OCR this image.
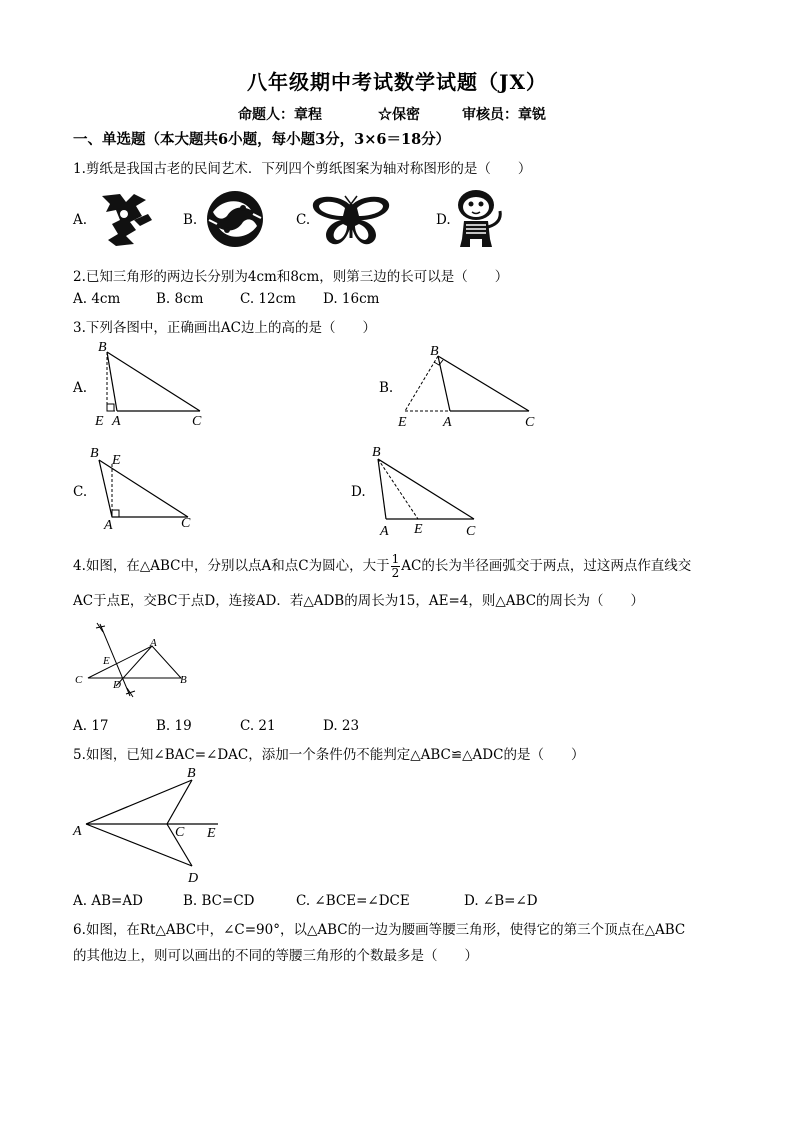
八年级期中考试数学试题（JX）
命题人：章程	☆保密	审核员：章锐
一、单选题（本大题共6小题，每小题3分，3×6＝18分）
1.剪纸是我国古老的民间艺术．下列四个剪纸图案为轴对称图形的是（　　）
A.	B.	C.	D.
2.已知三角形的两边长分别为4cm和8cm，则第三边的长可以是（　　）
A. 4cm	B. 8cm	C. 12cm D. 16cm
3.下列各图中，正确画出AC边上的高的是（　　）
A.	B.
C.	D.
B
E A	C
B
E	A	C
B E
A	C
B
E
A	C
4.如图，在△ABC中，分别以点A和点C为圆心，大于 $\frac{1}{2}$ AC的长为半径画弧交于两点，过这两点作直线交
AC于点E，交BC于点D，连接AD．若△ADB的周长为15，AE=4，则△ABC的周长为（　　）
A
E
C	D	B
A. 17	B. 19	C. 21	D. 23
5.如图，已知∠BAC=∠DAC，添加一个条件仍不能判定△ABC≌△ADC的是（　　）
B
A	C E
D
A. AB=AD	B. BC=CD	C. ∠BCE=∠DCE	D. ∠B=∠D
6.如图，在Rt△ABC中，∠C=90°，以△ABC的一边为腰画等腰三角形，使得它的第三个顶点在△ABC
的其他边上，则可以画出的不同的等腰三角形的个数最多是（　　）
